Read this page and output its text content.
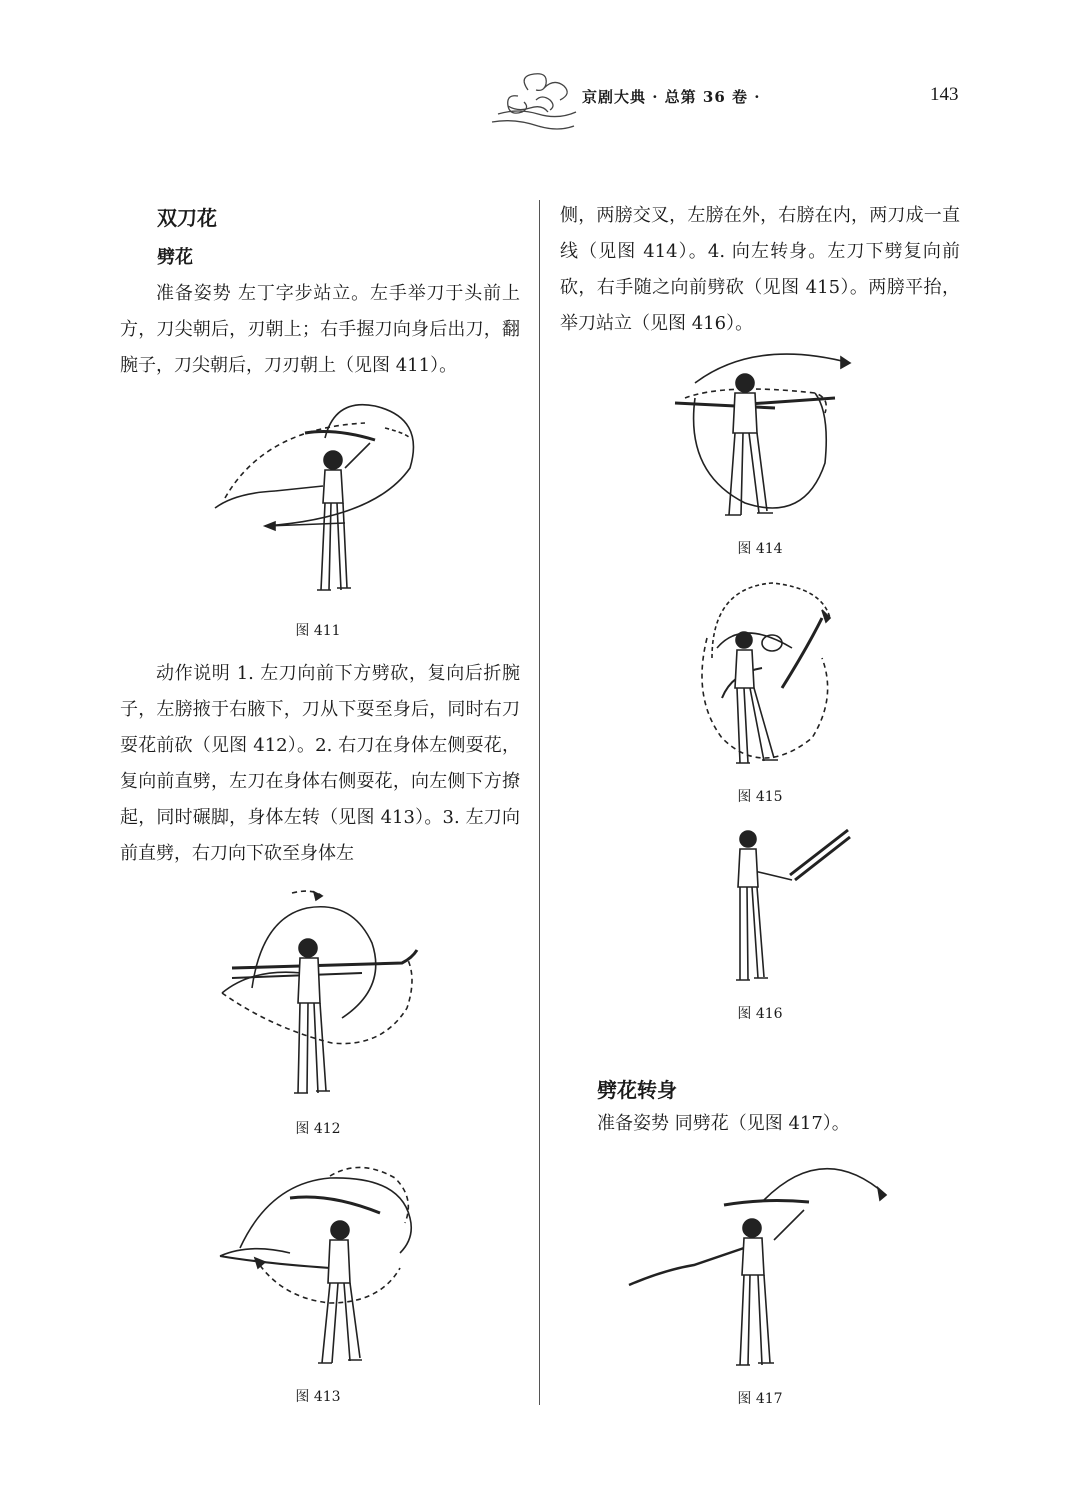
京剧大典 · 总第 36 卷 ·	143
双刀花
劈花

准备姿势 左丁字步站立。左手举刀于头前上方，刀尖朝后，刃朝上；右手握刀向身后出刀，翻腕子，刀尖朝后，刀刃朝上（见图 411）。

图 411

动作说明 1. 左刀向前下方劈砍，复向后折腕子，左膀掖于右腋下，刀从下耍至身后，同时右刀耍花前砍（见图 412）。2. 右刀在身体左侧耍花，复向前直劈，左刀在身体右侧耍花，向左侧下方撩起，同时碾脚，身体左转（见图 413）。3. 左刀向前直劈，右刀向下砍至身体左

图 412
图 413

侧，两膀交叉，左膀在外，右膀在内，两刀成一直线（见图 414）。4. 向左转身。左刀下劈复向前砍，右手随之向前劈砍（见图 415）。两膀平抬，举刀站立（见图 416）。

图 414
图 415
图 416
劈花转身

准备姿势 同劈花（见图 417）。

图 417
